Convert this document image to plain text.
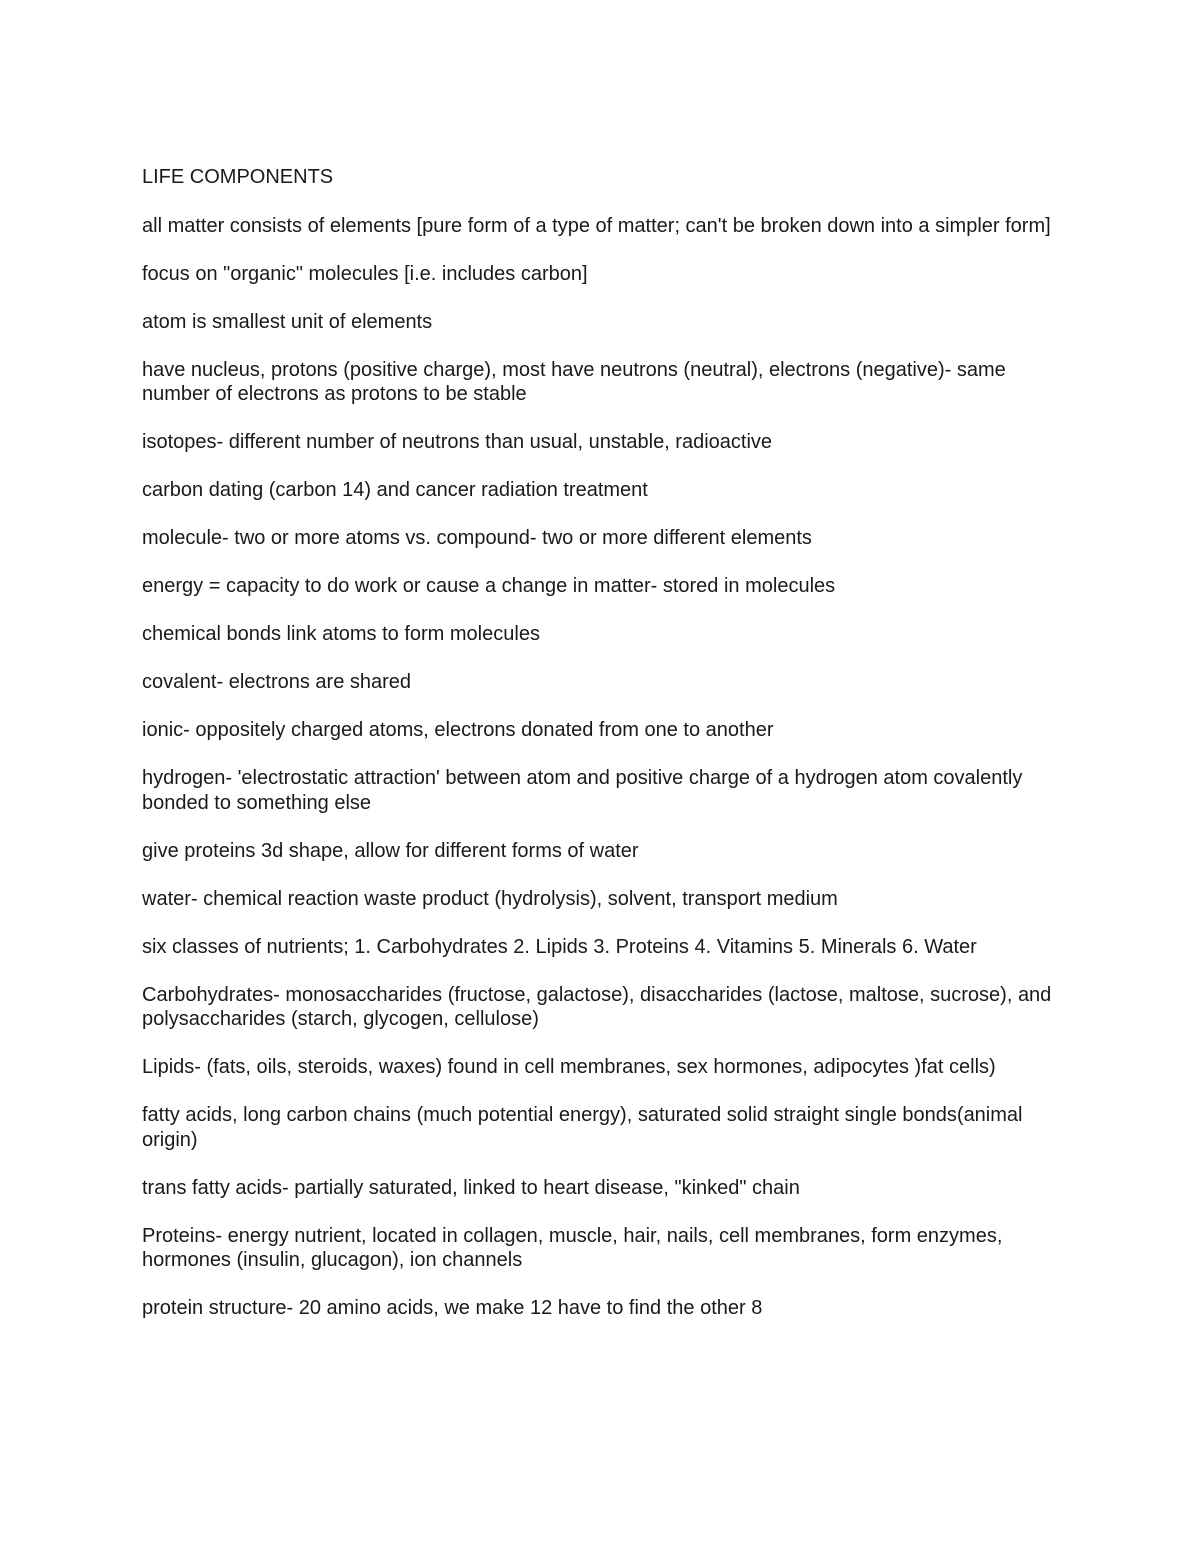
LIFE COMPONENTS
all matter consists of elements [pure form of a type of matter; can't be broken down into a simpler form]
focus on "organic" molecules [i.e. includes carbon]
atom is smallest unit of elements
have nucleus, protons (positive charge), most have neutrons (neutral), electrons (negative)- same number of electrons as protons to be stable
isotopes- different number of neutrons than usual, unstable, radioactive
carbon dating (carbon 14) and cancer radiation treatment
molecule- two or more atoms vs. compound- two or more different elements
energy = capacity to do work or cause a change in matter- stored in molecules
chemical bonds link atoms to form molecules
covalent- electrons are shared
ionic- oppositely charged atoms, electrons donated from one to another
hydrogen- 'electrostatic attraction' between atom and positive charge of a hydrogen atom covalently bonded to something else
give proteins 3d shape, allow for different forms of water
water- chemical reaction waste product (hydrolysis), solvent, transport medium
six classes of nutrients; 1. Carbohydrates 2. Lipids 3. Proteins 4. Vitamins 5. Minerals 6. Water
Carbohydrates- monosaccharides (fructose, galactose), disaccharides (lactose, maltose, sucrose), and polysaccharides (starch, glycogen, cellulose)
Lipids- (fats, oils, steroids, waxes) found in cell membranes, sex hormones, adipocytes )fat cells)
fatty acids, long carbon chains (much potential energy), saturated solid straight single bonds(animal origin)
trans fatty acids- partially saturated, linked to heart disease, "kinked" chain
Proteins- energy nutrient, located in collagen, muscle, hair, nails, cell membranes, form enzymes, hormones (insulin, glucagon), ion channels
protein structure- 20 amino acids, we make 12 have to find the other 8
